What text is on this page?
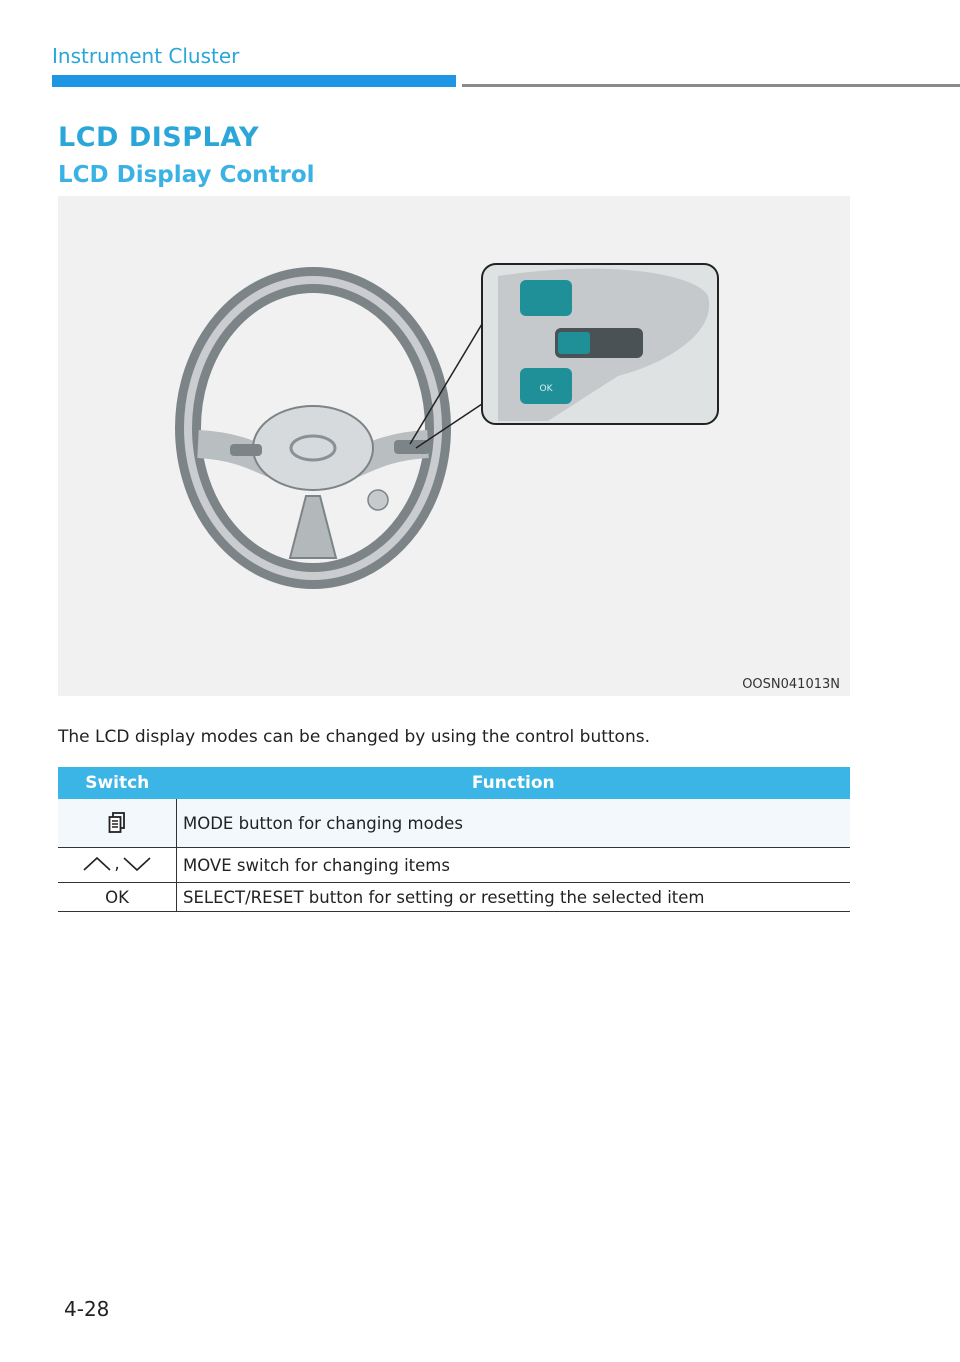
Instrument Cluster
LCD DISPLAY
LCD Display Control
OK
OOSN041013N
The LCD display modes can be changed by using the control buttons.
Switch	Function
	MODE button for changing modes

,	MOVE switch for changing items
OK	SELECT/RESET button for setting or resetting the selected item
4-28
